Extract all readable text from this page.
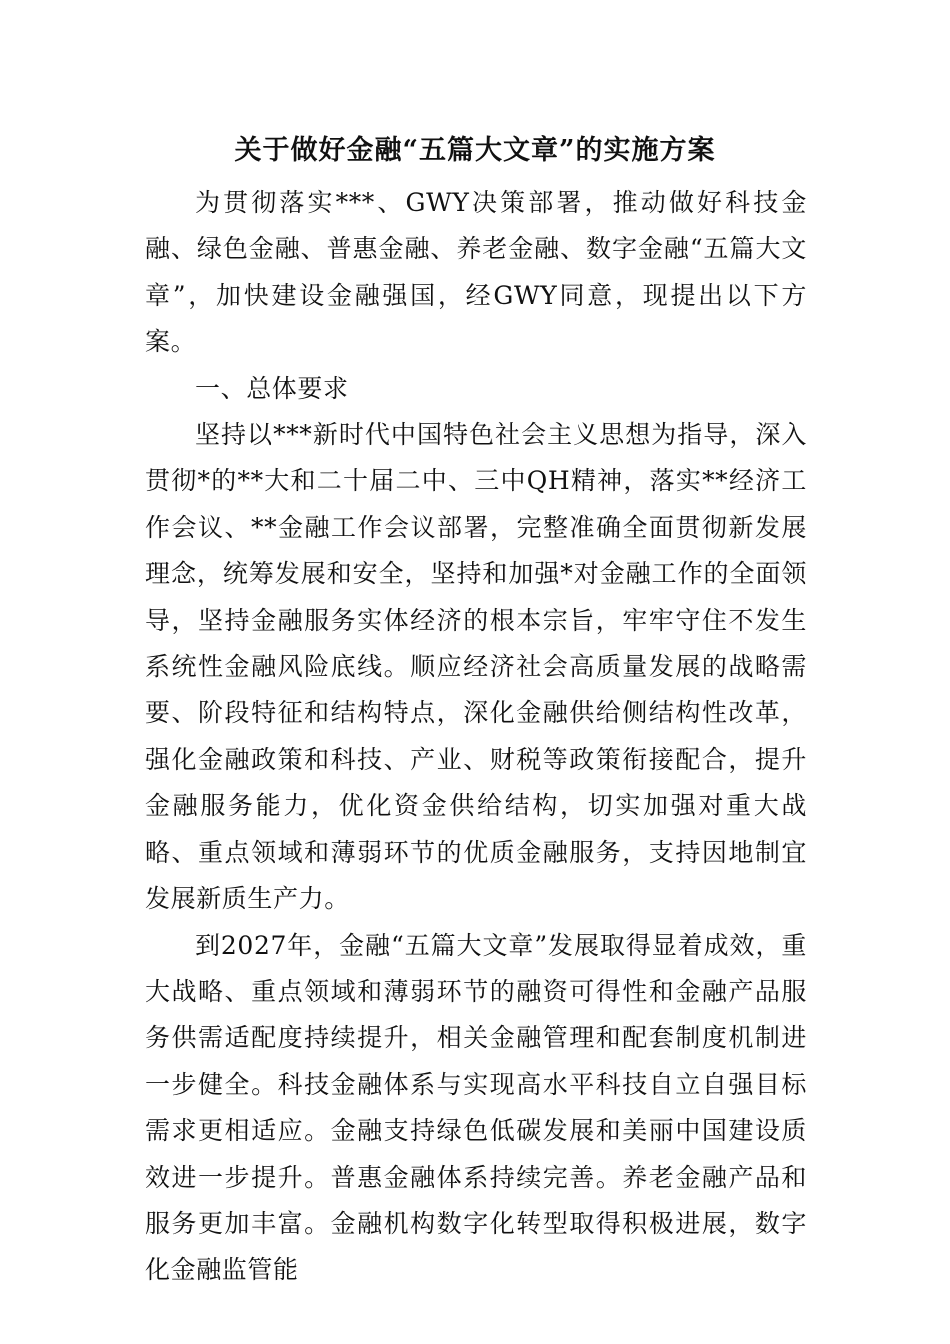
关于做好金融“五篇大文章”的实施方案

为贯彻落实***、GWY决策部署，推动做好科技金融、绿色金融、普惠金融、养老金融、数字金融“五篇大文章”，加快建设金融强国，经GWY同意，现提出以下方案。

一、总体要求

坚持以***新时代中国特色社会主义思想为指导，深入贯彻*的**大和二十届二中、三中QH精神，落实**经济工作会议、**金融工作会议部署，完整准确全面贯彻新发展理念，统筹发展和安全，坚持和加强*对金融工作的全面领导，坚持金融服务实体经济的根本宗旨，牢牢守住不发生系统性金融风险底线。顺应经济社会高质量发展的战略需要、阶段特征和结构特点，深化金融供给侧结构性改革，强化金融政策和科技、产业、财税等政策衔接配合，提升金融服务能力，优化资金供给结构，切实加强对重大战略、重点领域和薄弱环节的优质金融服务，支持因地制宜发展新质生产力。

到2027年，金融“五篇大文章”发展取得显着成效，重大战略、重点领域和薄弱环节的融资可得性和金融产品服务供需适配度持续提升，相关金融管理和配套制度机制进一步健全。科技金融体系与实现高水平科技自立自强目标需求更相适应。金融支持绿色低碳发展和美丽中国建设质效进一步提升。普惠金融体系持续完善。养老金融产品和服务更加丰富。金融机构数字化转型取得积极进展，数字化金融监管能
